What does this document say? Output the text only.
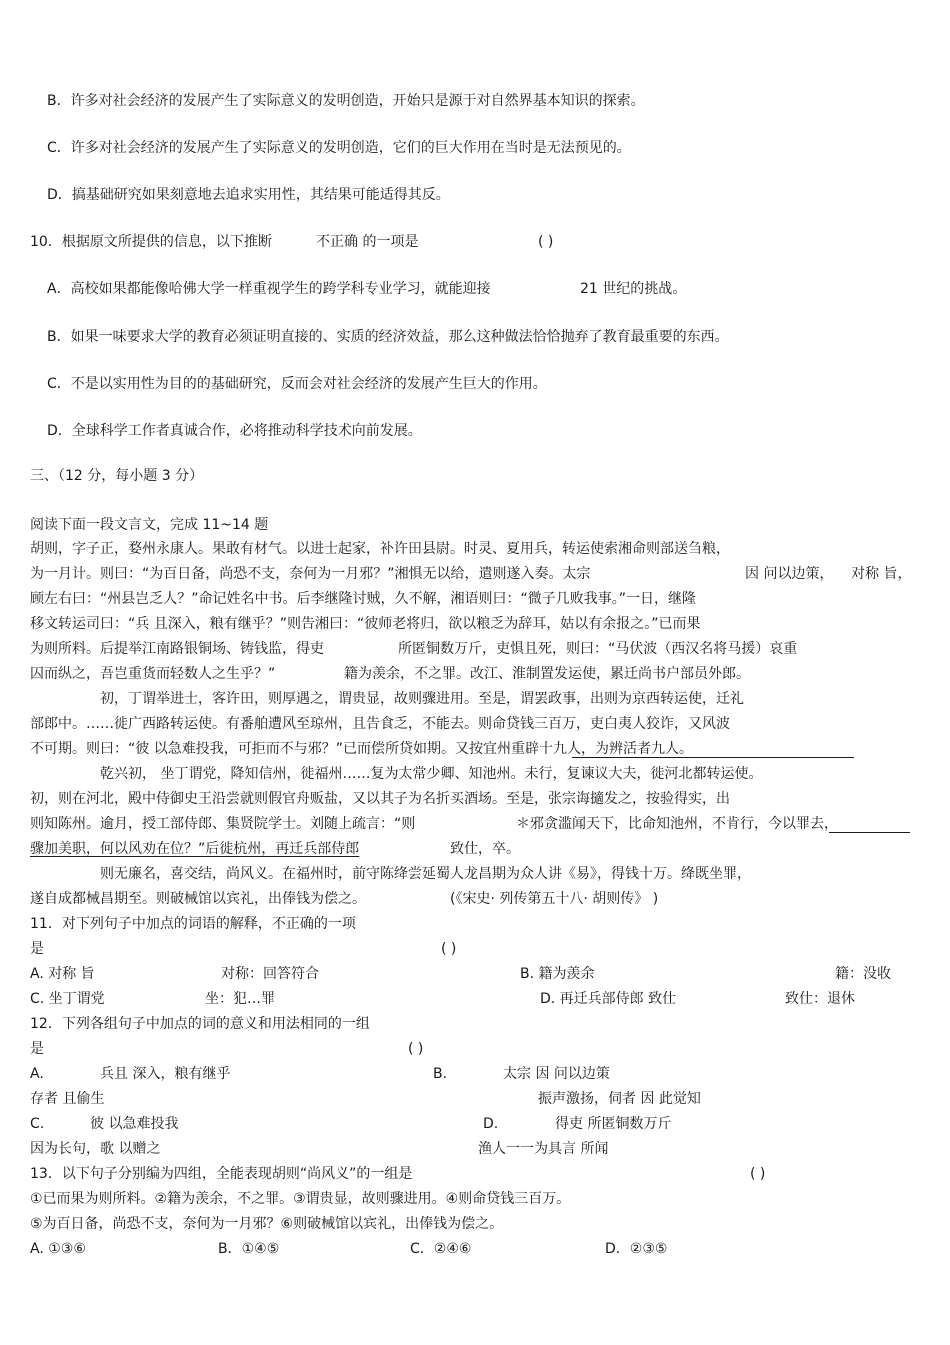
B．许多对社会经济的发展产生了实际意义的发明创造，开始只是源于对自然界基本知识的探索。
C．许多对社会经济的发展产生了实际意义的发明创造，它们的巨大作用在当时是无法预见的。
D．搞基础研究如果刻意地去追求实用性，其结果可能适得其反。
10．根据原文所提供的信息，以下推断	不正确 的一项是	( )
A．高校如果都能像哈佛大学一样重视学生的跨学科专业学习，就能迎接	21 世纪的挑战。
B．如果一味要求大学的教育必须证明直接的、实质的经济效益，那么这种做法恰恰抛弃了教育最重要的东西。
C．不是以实用性为目的的基础研究，反而会对社会经济的发展产生巨大的作用。
D．全球科学工作者真诚合作，必将推动科学技术向前发展。
三、（12 分，每小题 3 分）
阅读下面一段文言文，完成 11~14 题
胡则，字子正，婺州永康人。果敢有材气。以进士起家，补许田县尉。时灵、夏用兵，转运使索湘命则部送刍粮，
为一月计。则曰：“为百日备，尚恐不支，奈何为一月邪？”湘惧无以给，遣则遂入奏。太宗	因 问以边策， 对称 旨，
顾左右曰：“州县岂乏人？”命记姓名中书。后李继隆讨贼，久不解，湘语则曰：“微子几败我事。”一日，继隆
移文转运司曰：“兵 且深入，粮有继乎？”则告湘曰：“彼师老将归，欲以粮乏为辞耳，姑以有余报之。”已而果
为则所料。后提举江南路银铜场、铸钱监，得吏	所匿铜数万斤，吏惧且死，则曰：“马伏波（西汉名将马援）哀重
囚而纵之，吾岂重货而轻数人之生乎？”	籍为羡余，不之罪。改江、淮制置发运使，累迁尚书户部员外郎。
初，丁谓举进士，客许田，则厚遇之，谓贵显，故则骤进用。至是，谓罢政事，出则为京西转运使，迁礼
部郎中。……徙广西路转运使。有番舶遭风至琼州，且告食乏，不能去。则命贷钱三百万，吏白夷人狡诈，又风波
不可期。则曰：“彼 以急难投我，可拒而不与邪？”已而偿所贷如期。又按宜州重辟十九人，为辨活者九人。
乾兴初， 坐丁谓党，降知信州，徙福州……复为太常少卿、知池州。未行，复谏议大夫，徙河北都转运使。
初，则在河北，殿中侍御史王沿尝就则假官舟贩盐，又以其子为名折买酒场。至是，张宗诲擿发之，按验得实，出
则知陈州。逾月，授工部侍郎、集贤院学士。刘随上疏言：“则	＊邪贪滥闻天下，比命知池州，不肯行，今以罪去，
骤加美职，何以风劝在位？”后徙杭州，再迁兵部侍郎	致仕，卒。
则无廉名，喜交结，尚风义。在福州时，前守陈绛尝延蜀人龙昌期为众人讲《易》，得钱十万。绛既坐罪，
遂自成都械昌期至。则破械馆以宾礼，出俸钱为偿之。	(《宋史· 列传第五十八· 胡则传》 )
11．对下列句子中加点的词语的解释，不正确的一项
是	( )
A. 对称 旨	对称：回答符合	B. 籍为羡余	籍：没收
C. 坐丁谓党	坐：犯…罪	D. 再迁兵部侍郎 致仕	致仕：退休
12．下列各组句子中加点的词的意义和用法相同的一组
是	( )
A.	兵且 深入，粮有继乎	B.	太宗 因 问以边策
存者 且偷生	振声激扬，伺者 因 此觉知
C.	彼 以急难投我	D.	得吏 所匿铜数万斤
因为长句，歌 以赠之	渔人一一为具言 所闻
13．以下句子分别编为四组，全能表现胡则“尚风义”的一组是	( )
①已而果为则所料。②籍为羡余，不之罪。③谓贵显，故则骤进用。④则命贷钱三百万。
⑤为百日备，尚恐不支，奈何为一月邪？⑥则破械馆以宾礼，出俸钱为偿之。
A. ①③⑥	B．①④⑤	C．②④⑥	D．②③⑤
